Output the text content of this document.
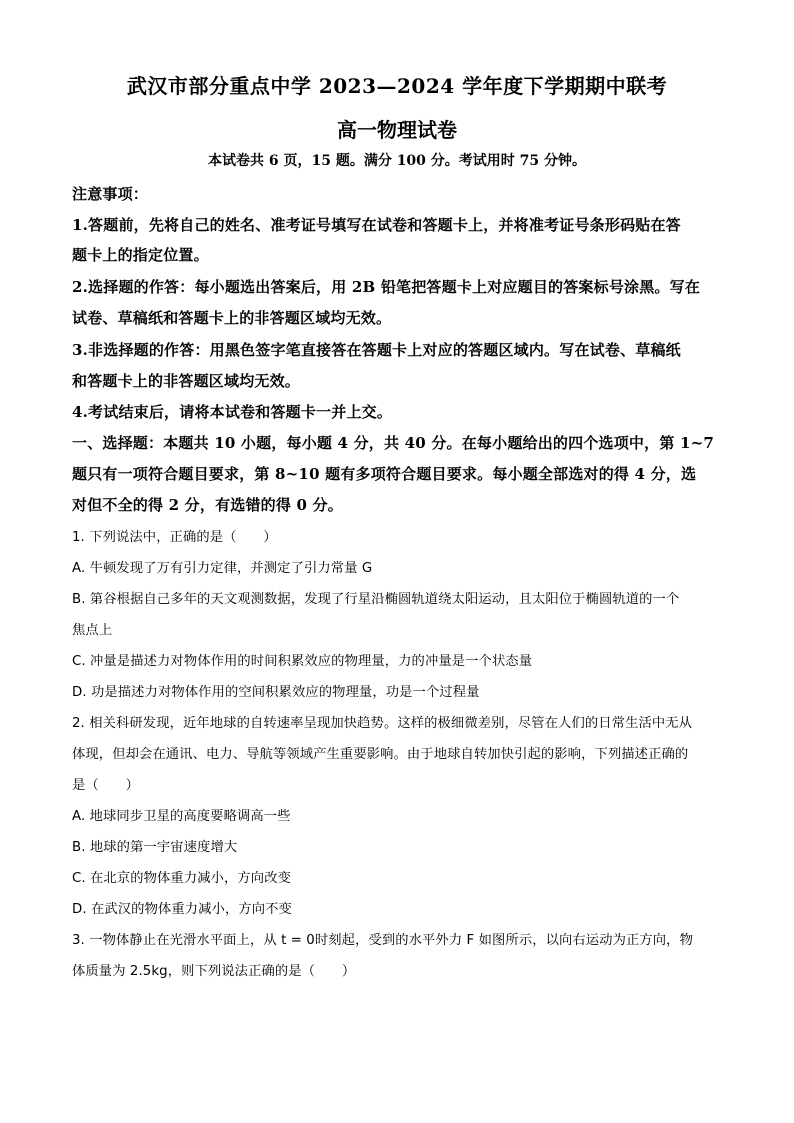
武汉市部分重点中学 2023—2024 学年度下学期期中联考
高一物理试卷
本试卷共 6 页，15 题。满分 100 分。考试用时 75 分钟。
注意事项：
1.答题前，先将自己的姓名、准考证号填写在试卷和答题卡上，并将准考证号条形码贴在答
题卡上的指定位置。
2.选择题的作答：每小题选出答案后，用 2B 铅笔把答题卡上对应题目的答案标号涂黑。写在
试卷、草稿纸和答题卡上的非答题区域均无效。
3.非选择题的作答：用黑色签字笔直接答在答题卡上对应的答题区域内。写在试卷、草稿纸
和答题卡上的非答题区域均无效。
4.考试结束后，请将本试卷和答题卡一并上交。
一、选择题：本题共 10 小题，每小题 4 分，共 40 分。在每小题给出的四个选项中，第 1~7
题只有一项符合题目要求，第 8~10 题有多项符合题目要求。每小题全部选对的得 4 分，选
对但不全的得 2 分，有选错的得 0 分。
1. 下列说法中，正确的是（　　）
A. 牛顿发现了万有引力定律，并测定了引力常量 G
B. 第谷根据自己多年的天文观测数据，发现了行星沿椭圆轨道绕太阳运动，且太阳位于椭圆轨道的一个
焦点上
C. 冲量是描述力对物体作用的时间积累效应的物理量，力的冲量是一个状态量
D. 功是描述力对物体作用的空间积累效应的物理量，功是一个过程量
2. 相关科研发现，近年地球的自转速率呈现加快趋势。这样的极细微差别，尽管在人们的日常生活中无从
体现，但却会在通讯、电力、导航等领域产生重要影响。由于地球自转加快引起的影响，下列描述正确的
是（　　）
A. 地球同步卫星的高度要略调高一些
B. 地球的第一宇宙速度增大
C. 在北京的物体重力减小，方向改变
D. 在武汉的物体重力减小，方向不变
3. 一物体静止在光滑水平面上，从 t = 0时刻起，受到的水平外力 F 如图所示，以向右运动为正方向，物
体质量为 2.5kg，则下列说法正确的是（　　）
